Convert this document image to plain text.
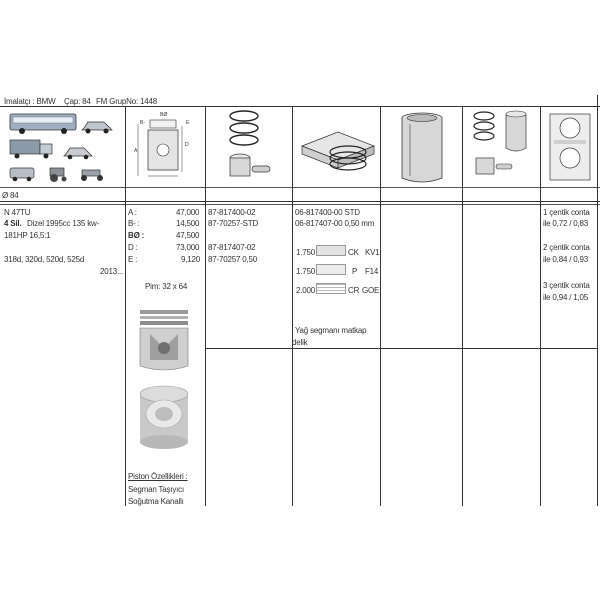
İmalatçı : BMW Çap: 84 FM GrupNo: 1448
BØ
B-
A
E
D
Ø 84
N 47TU
4 Sil. Dizel 1995cc 135 kw-
181HP 16,5:1
318d, 320d, 520d, 525d
2013...
A :	47,000
B- :	14,500
BØ :	47,500
D :	73,000
E :	9,120
Pim: 32 x 64
Piston Özellikleri :
Segman Taşıyıcı
Soğutma Kanallı
87-817400-02
87-70257-STD
87-817407-02
87-70257 0,50
06-817400-00 STD
06-817407-00 0,50 mm
1.750	CK KV1
1.750	P F14
2.000	CR GOE
Yağ segmanı matkap
delik
1 çentik conta
ile 0,72 / 0,83
2 çentik conta
ile 0,84 / 0,93
3 çentik conta
ile 0,94 / 1,05
